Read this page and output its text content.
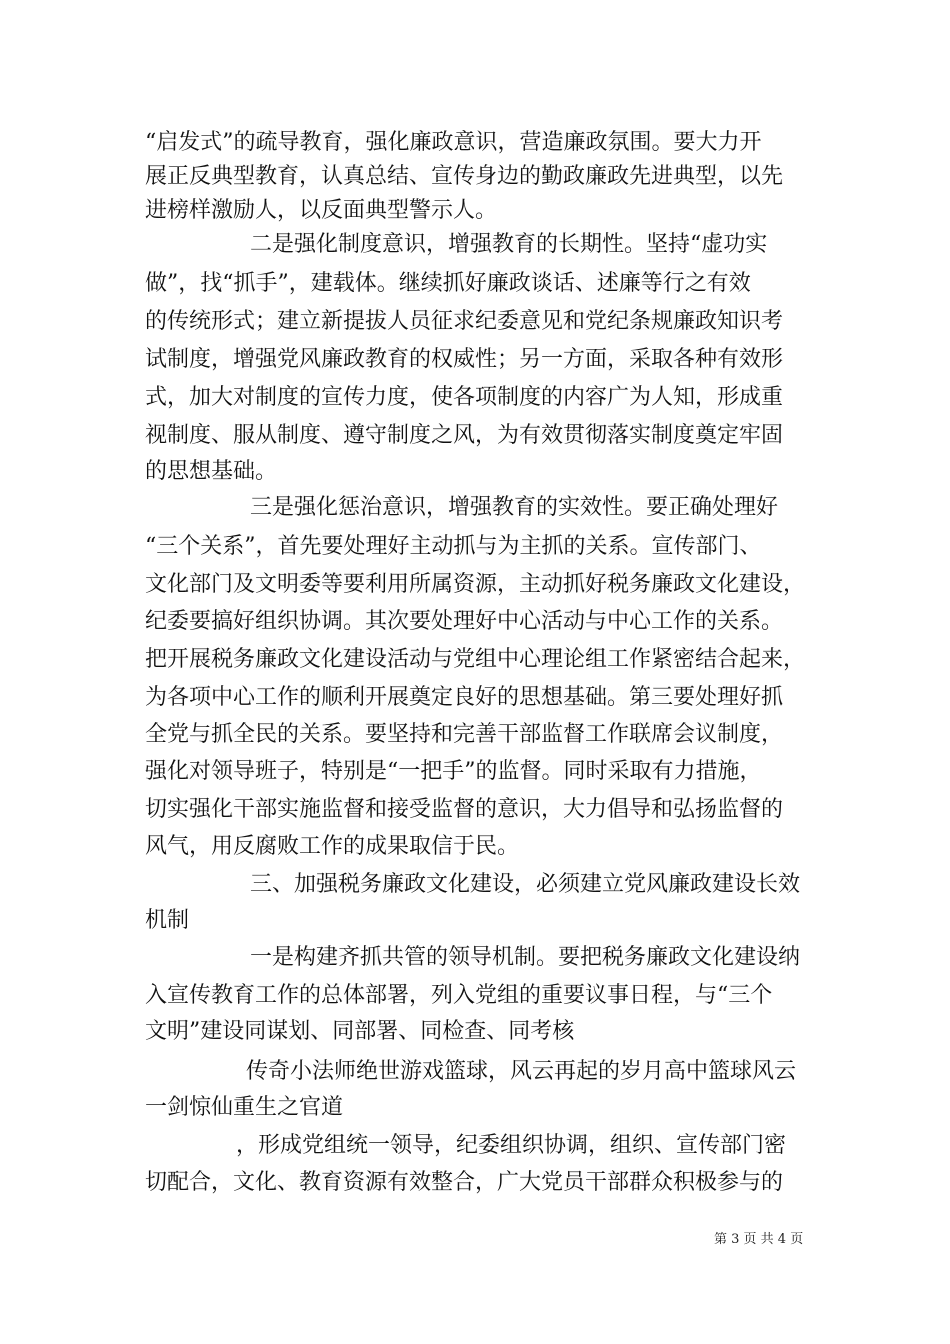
“启发式”的疏导教育，强化廉政意识，营造廉政氛围。要大力开
展正反典型教育，认真总结、宣传身边的勤政廉政先进典型，以先
进榜样激励人，以反面典型警示人。
二是强化制度意识，增强教育的长期性。坚持“虚功实
做”，找“抓手”，建载体。继续抓好廉政谈话、述廉等行之有效
的传统形式；建立新提拔人员征求纪委意见和党纪条规廉政知识考
试制度，增强党风廉政教育的权威性；另一方面，采取各种有效形
式，加大对制度的宣传力度，使各项制度的内容广为人知，形成重
视制度、服从制度、遵守制度之风，为有效贯彻落实制度奠定牢固
的思想基础。
三是强化惩治意识，增强教育的实效性。要正确处理好
“三个关系”，首先要处理好主动抓与为主抓的关系。宣传部门、
文化部门及文明委等要利用所属资源，主动抓好税务廉政文化建设，
纪委要搞好组织协调。其次要处理好中心活动与中心工作的关系。
把开展税务廉政文化建设活动与党组中心理论组工作紧密结合起来，
为各项中心工作的顺利开展奠定良好的思想基础。第三要处理好抓
全党与抓全民的关系。要坚持和完善干部监督工作联席会议制度，
强化对领导班子，特别是“一把手”的监督。同时采取有力措施，
切实强化干部实施监督和接受监督的意识，大力倡导和弘扬监督的
风气，用反腐败工作的成果取信于民。
三、加强税务廉政文化建设，必须建立党风廉政建设长效
机制
一是构建齐抓共管的领导机制。要把税务廉政文化建设纳
入宣传教育工作的总体部署，列入党组的重要议事日程，与“三个
文明”建设同谋划、同部署、同检查、同考核
传奇小法师绝世游戏篮球，风云再起的岁月高中篮球风云
一剑惊仙重生之官道
，形成党组统一领导，纪委组织协调，组织、宣传部门密
切配合，文化、教育资源有效整合，广大党员干部群众积极参与的
第 3 页 共 4 页
